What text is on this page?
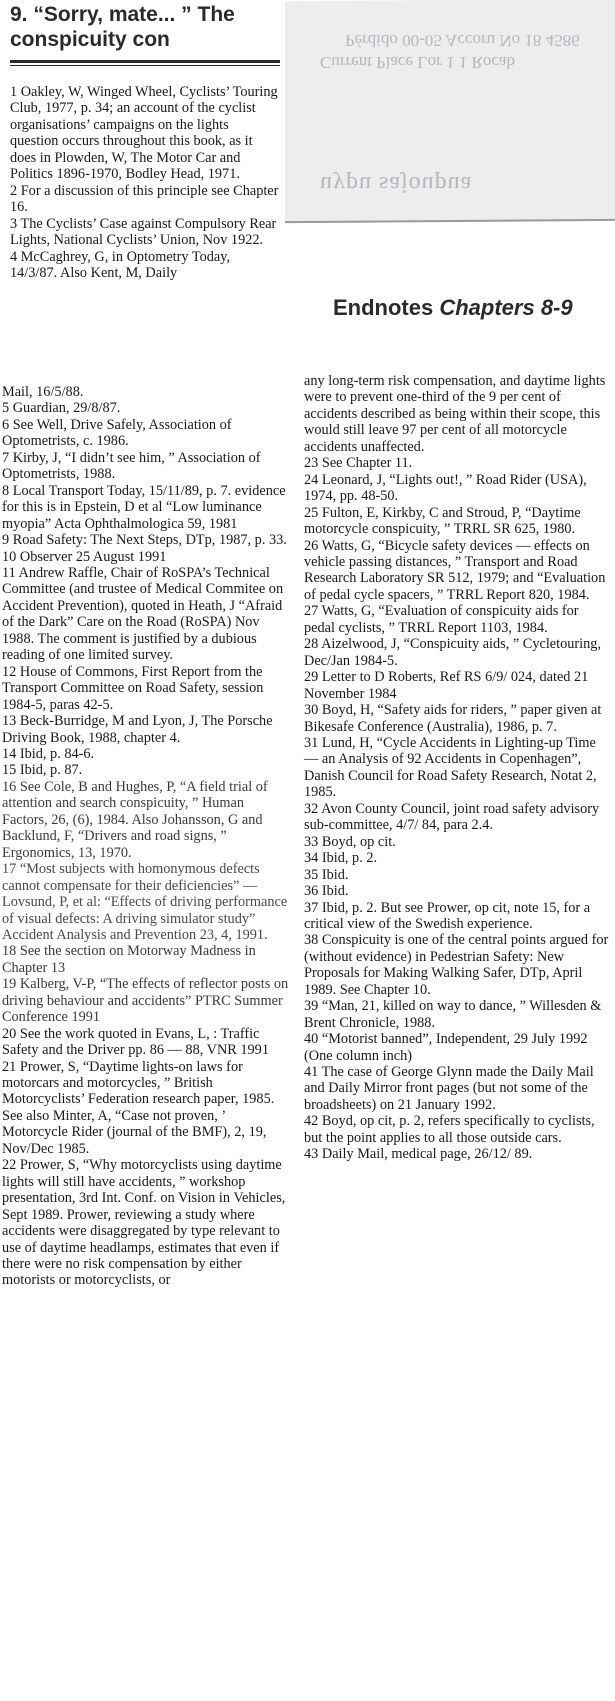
Pérdido 00-05 Accoru No 18 4586
Current Place Lor 1 1 Rocab
uypu sajoupua
9. “Sorry, mate... ” The conspicuity con
Endnotes Chapters 8-9

1 Oakley, W, Winged Wheel, Cyclists’ Touring Club, 1977, p. 34; an account of the cyclist organisations’ campaigns on the lights question occurs throughout this book, as it does in Plowden, W, The Motor Car and Politics 1896-1970, Bodley Head, 1971.

2 For a discussion of this principle see Chapter 16.

3 The Cyclists’ Case against Compulsory Rear Lights, National Cyclists’ Union, Nov 1922.

4 McCaghrey, G, in Optometry Today, 14/3/87. Also Kent, M, Daily

Mail, 16/5/88.

5 Guardian, 29/8/87.

6 See Well, Drive Safely, Association of Optometrists, c. 1986.

7 Kirby, J, “I didn’t see him, ” Association of Optometrists, 1988.

8 Local Transport Today, 15/11/89, p. 7. evidence for this is in Epstein, D et al “Low luminance myopia” Acta Ophthalmologica 59, 1981

9 Road Safety: The Next Steps, DTp, 1987, p. 33.

10 Observer 25 August 1991

11 Andrew Raffle, Chair of RoSPA’s Technical Committee (and trustee of Medical Commitee on Accident Prevention), quoted in Heath, J “Afraid of the Dark” Care on the Road (RoSPA) Nov 1988. The comment is justified by a dubious reading of one limited survey.

12 House of Commons, First Report from the Transport Committee on Road Safety, session 1984-5, paras 42-5.

13 Beck-Burridge, M and Lyon, J, The Porsche Driving Book, 1988, chapter 4.

14 Ibid, p. 84-6.

15 Ibid, p. 87.

16 See Cole, B and Hughes, P, “A field trial of attention and search conspicuity, ” Human Factors, 26, (6), 1984. Also Johansson, G and Backlund, F, “Drivers and road signs, ” Ergonomics, 13, 1970.

17 “Most subjects with homonymous defects cannot compensate for their deficiencies” — Lovsund, P, et al: “Effects of driving performance of visual defects: A driving simulator study” Accident Analysis and Prevention 23, 4, 1991.

18 See the section on Motorway Madness in Chapter 13

19 Kalberg, V-P, “The effects of reflector posts on driving behaviour and accidents” PTRC Summer Conference 1991

20 See the work quoted in Evans, L, : Traffic Safety and the Driver pp. 86 — 88, VNR 1991

21 Prower, S, “Daytime lights-on laws for motorcars and motorcycles, ” British Motorcyclists’ Federation research paper, 1985. See also Minter, A, “Case not proven, ’ Motorcycle Rider (journal of the BMF), 2, 19, Nov/Dec 1985.

22 Prower, S, “Why motorcyclists using daytime lights will still have accidents, ” workshop presentation, 3rd Int. Conf. on Vision in Vehicles, Sept 1989. Prower, reviewing a study where accidents were disaggregated by type relevant to use of daytime headlamps, estimates that even if there were no risk compensation by either motorists or motorcyclists, or

any long-term risk compensation, and daytime lights were to prevent one-third of the 9 per cent of accidents described as being within their scope, this would still leave 97 per cent of all motorcycle accidents unaffected.

23 See Chapter 11.

24 Leonard, J, “Lights out!, ” Road Rider (USA), 1974, pp. 48-50.

25 Fulton, E, Kirkby, C and Stroud, P, “Daytime motorcycle conspicuity, ” TRRL SR 625, 1980.

26 Watts, G, “Bicycle safety devices — effects on vehicle passing distances, ” Transport and Road Research Laboratory SR 512, 1979; and “Evaluation of pedal cycle spacers, ” TRRL Report 820, 1984.

27 Watts, G, “Evaluation of conspicuity aids for pedal cyclists, ” TRRL Report 1103, 1984.

28 Aizelwood, J, “Conspicuity aids, ” Cycletouring, Dec/Jan 1984-5.

29 Letter to D Roberts, Ref RS 6/9/ 024, dated 21 November 1984

30 Boyd, H, “Safety aids for riders, ” paper given at Bikesafe Conference (Australia), 1986, p. 7.

31 Lund, H, “Cycle Accidents in Lighting-up Time — an Analysis of 92 Accidents in Copenhagen”, Danish Council for Road Safety Research, Notat 2, 1985.

32 Avon County Council, joint road safety advisory sub-committee, 4/7/ 84, para 2.4.

33 Boyd, op cit.

34 Ibid, p. 2.

35 Ibid.

36 Ibid.

37 Ibid, p. 2. But see Prower, op cit, note 15, for a critical view of the Swedish experience.

38 Conspicuity is one of the central points argued for (without evidence) in Pedestrian Safety: New Proposals for Making Walking Safer, DTp, April 1989. See Chapter 10.

39 “Man, 21, killed on way to dance, ” Willesden & Brent Chronicle, 1988.

40 “Motorist banned”, Independent, 29 July 1992 (One column inch)

41 The case of George Glynn made the Daily Mail and Daily Mirror front pages (but not some of the broadsheets) on 21 January 1992.

42 Boyd, op cit, p. 2, refers specifically to cyclists, but the point applies to all those outside cars.

43 Daily Mail, medical page, 26/12/ 89.
